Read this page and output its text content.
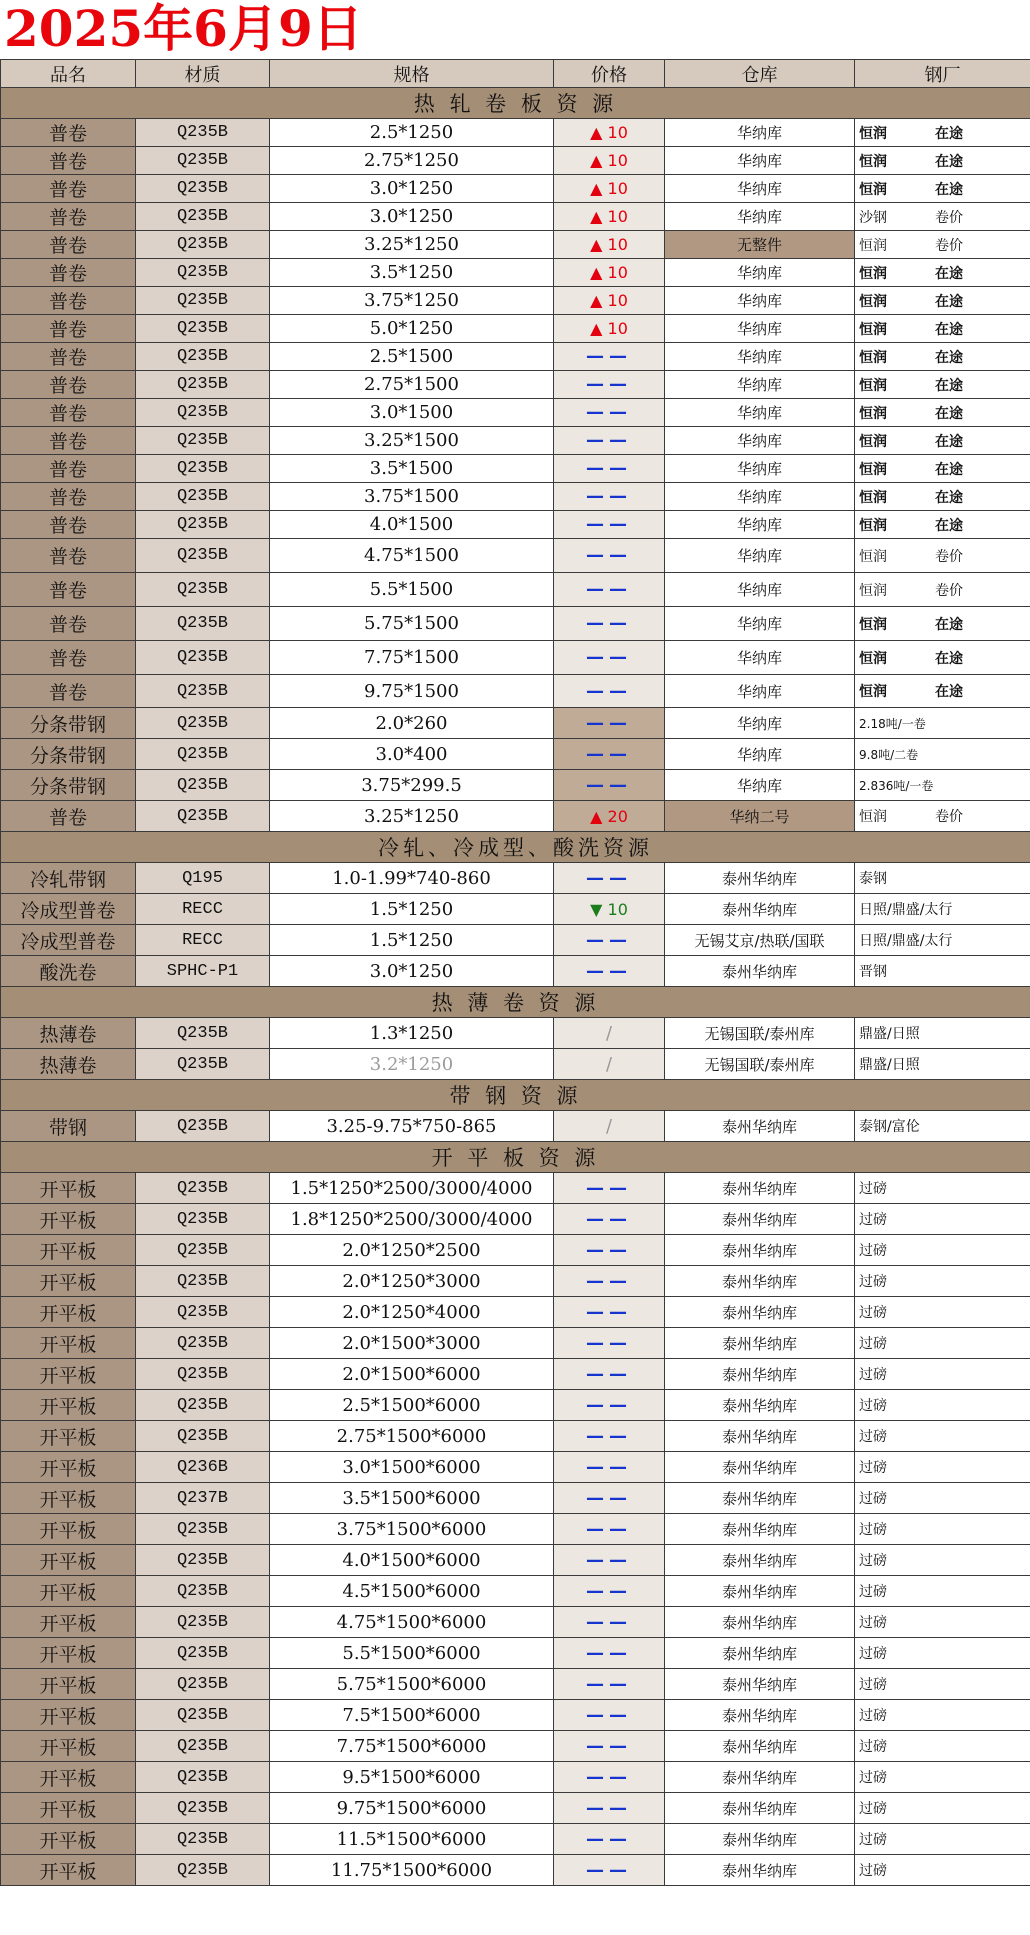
2025年6月9日
品名	材质	规格	价格	仓库	钢厂
热 轧 卷 板 资 源					
普卷	Q235B	2.5*1250	▲ 10	华纳库	恒润 在途
普卷	Q235B	2.75*1250	▲ 10	华纳库	恒润 在途
普卷	Q235B	3.0*1250	▲ 10	华纳库	恒润 在途
普卷	Q235B	3.0*1250	▲ 10	华纳库	沙钢 卷价
普卷	Q235B	3.25*1250	▲ 10	无整件	恒润 卷价
普卷	Q235B	3.5*1250	▲ 10	华纳库	恒润 在途
普卷	Q235B	3.75*1250	▲ 10	华纳库	恒润 在途
普卷	Q235B	5.0*1250	▲ 10	华纳库	恒润 在途
普卷	Q235B	2.5*1500	——	华纳库	恒润 在途
普卷	Q235B	2.75*1500	——	华纳库	恒润 在途
普卷	Q235B	3.0*1500	——	华纳库	恒润 在途
普卷	Q235B	3.25*1500	——	华纳库	恒润 在途
普卷	Q235B	3.5*1500	——	华纳库	恒润 在途
普卷	Q235B	3.75*1500	——	华纳库	恒润 在途
普卷	Q235B	4.0*1500	——	华纳库	恒润 在途
普卷	Q235B	4.75*1500	——	华纳库	恒润 卷价
普卷	Q235B	5.5*1500	——	华纳库	恒润 卷价
普卷	Q235B	5.75*1500	——	华纳库	恒润 在途
普卷	Q235B	7.75*1500	——	华纳库	恒润 在途
普卷	Q235B	9.75*1500	——	华纳库	恒润 在途
分条带钢	Q235B	2.0*260	——	华纳库	2.18吨/一卷
分条带钢	Q235B	3.0*400	——	华纳库	9.8吨/二卷
分条带钢	Q235B	3.75*299.5	——	华纳库	2.836吨/一卷
普卷	Q235B	3.25*1250	▲ 20	华纳二号	恒润 卷价
冷轧、冷成型、酸洗资源					
冷轧带钢	Q195	1.0-1.99*740-860	——	泰州华纳库	泰钢
冷成型普卷	RECC	1.5*1250	▼ 10	泰州华纳库	日照/鼎盛/太行
冷成型普卷	RECC	1.5*1250	——	无锡艾京/热联/国联	日照/鼎盛/太行
酸洗卷	SPHC-P1	3.0*1250	——	泰州华纳库	晋钢
热 薄 卷 资 源					
热薄卷	Q235B	1.3*1250	/	无锡国联/泰州库	鼎盛/日照
热薄卷	Q235B	3.2*1250	/	无锡国联/泰州库	鼎盛/日照
带 钢 资 源					
带钢	Q235B	3.25-9.75*750-865	/	泰州华纳库	泰钢/富伦
开 平 板 资 源					
开平板	Q235B	1.5*1250*2500/3000/4000	——	泰州华纳库	过磅
开平板	Q235B	1.8*1250*2500/3000/4000	——	泰州华纳库	过磅
开平板	Q235B	2.0*1250*2500	——	泰州华纳库	过磅
开平板	Q235B	2.0*1250*3000	——	泰州华纳库	过磅
开平板	Q235B	2.0*1250*4000	——	泰州华纳库	过磅
开平板	Q235B	2.0*1500*3000	——	泰州华纳库	过磅
开平板	Q235B	2.0*1500*6000	——	泰州华纳库	过磅
开平板	Q235B	2.5*1500*6000	——	泰州华纳库	过磅
开平板	Q235B	2.75*1500*6000	——	泰州华纳库	过磅
开平板	Q236B	3.0*1500*6000	——	泰州华纳库	过磅
开平板	Q237B	3.5*1500*6000	——	泰州华纳库	过磅
开平板	Q235B	3.75*1500*6000	——	泰州华纳库	过磅
开平板	Q235B	4.0*1500*6000	——	泰州华纳库	过磅
开平板	Q235B	4.5*1500*6000	——	泰州华纳库	过磅
开平板	Q235B	4.75*1500*6000	——	泰州华纳库	过磅
开平板	Q235B	5.5*1500*6000	——	泰州华纳库	过磅
开平板	Q235B	5.75*1500*6000	——	泰州华纳库	过磅
开平板	Q235B	7.5*1500*6000	——	泰州华纳库	过磅
开平板	Q235B	7.75*1500*6000	——	泰州华纳库	过磅
开平板	Q235B	9.5*1500*6000	——	泰州华纳库	过磅
开平板	Q235B	9.75*1500*6000	——	泰州华纳库	过磅
开平板	Q235B	11.5*1500*6000	——	泰州华纳库	过磅
开平板	Q235B	11.75*1500*6000	——	泰州华纳库	过磅
